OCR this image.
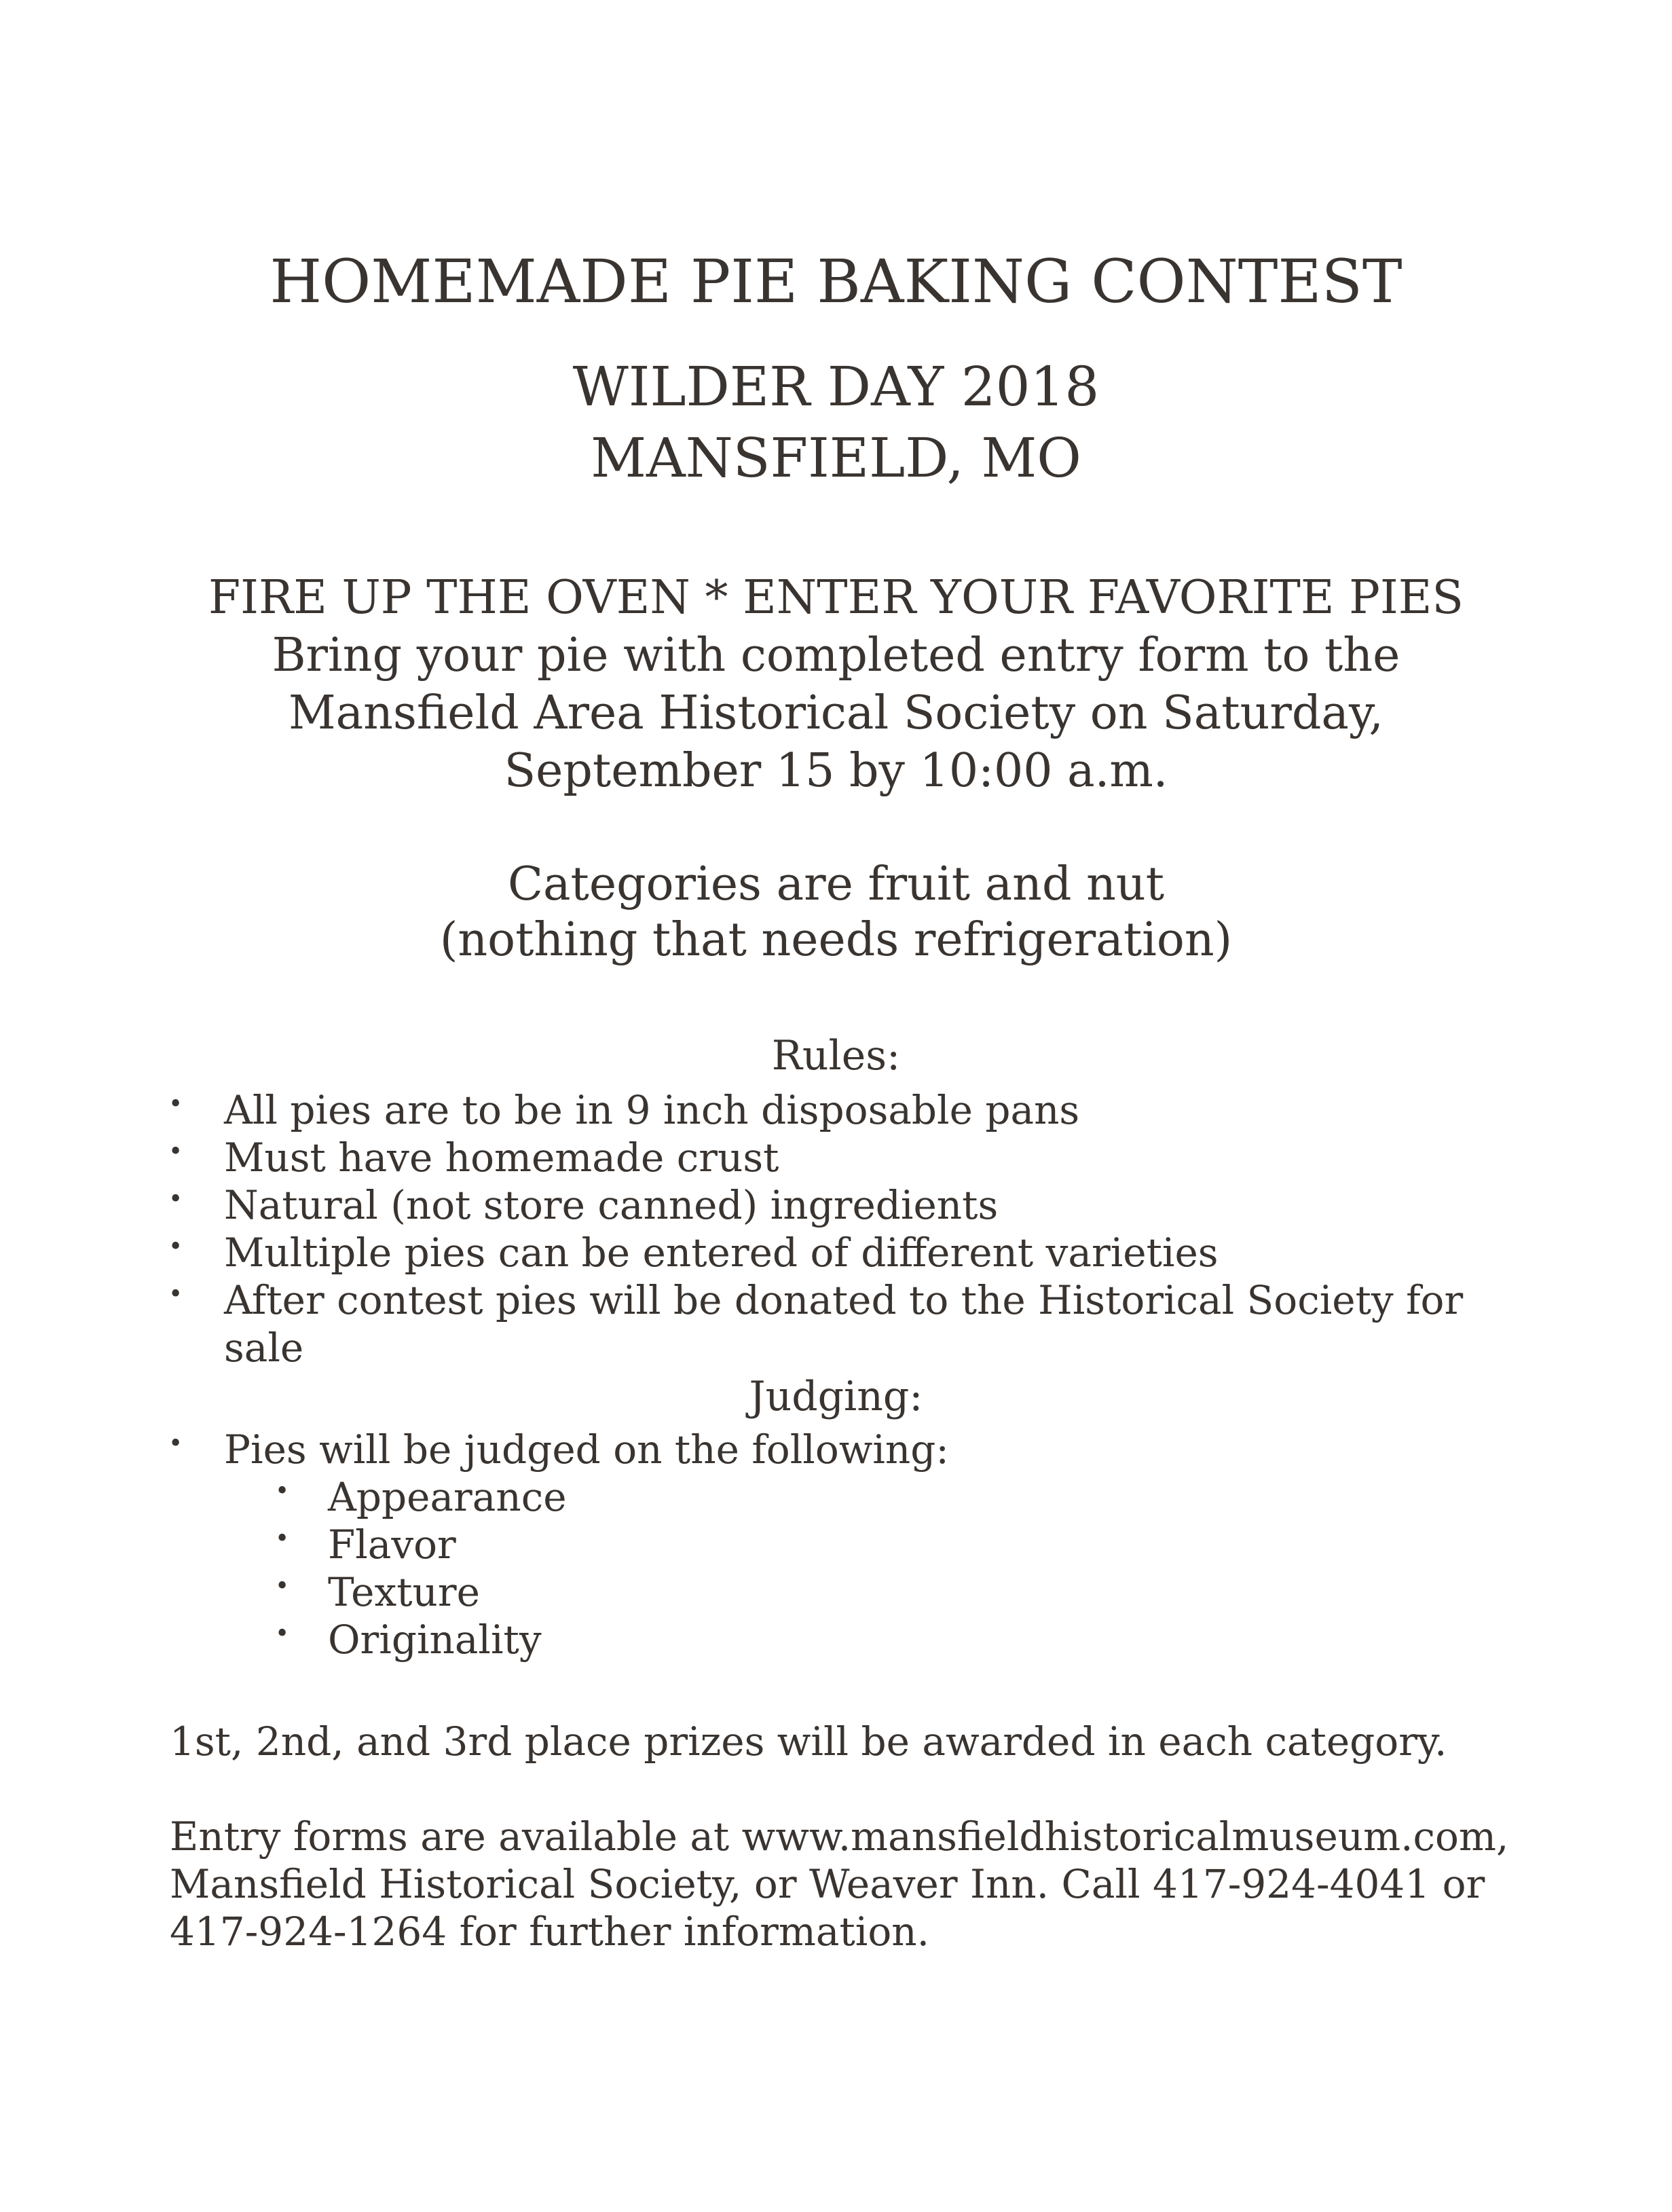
HOMEMADE PIE BAKING CONTEST
WILDER DAY 2018
MANSFIELD, MO
FIRE UP THE OVEN * ENTER YOUR FAVORITE PIES
Bring your pie with completed entry form to the
Mansfield Area Historical Society on Saturday,
September 15 by 10:00 a.m.
Categories are fruit and nut
(nothing that needs refrigeration)
Rules:
• All pies are to be in 9 inch disposable pans
• Must have homemade crust
• Natural (not store canned) ingredients
• Multiple pies can be entered of different varieties
• After contest pies will be donated to the Historical Society for
sale
Judging:
• Pies will be judged on the following:
• Appearance
• Flavor
• Texture
• Originality
1st, 2nd, and 3rd place prizes will be awarded in each category.
Entry forms are available at www.mansfieldhistoricalmuseum.com,
Mansfield Historical Society, or Weaver Inn. Call 417-924-4041 or
417-924-1264 for further information.
